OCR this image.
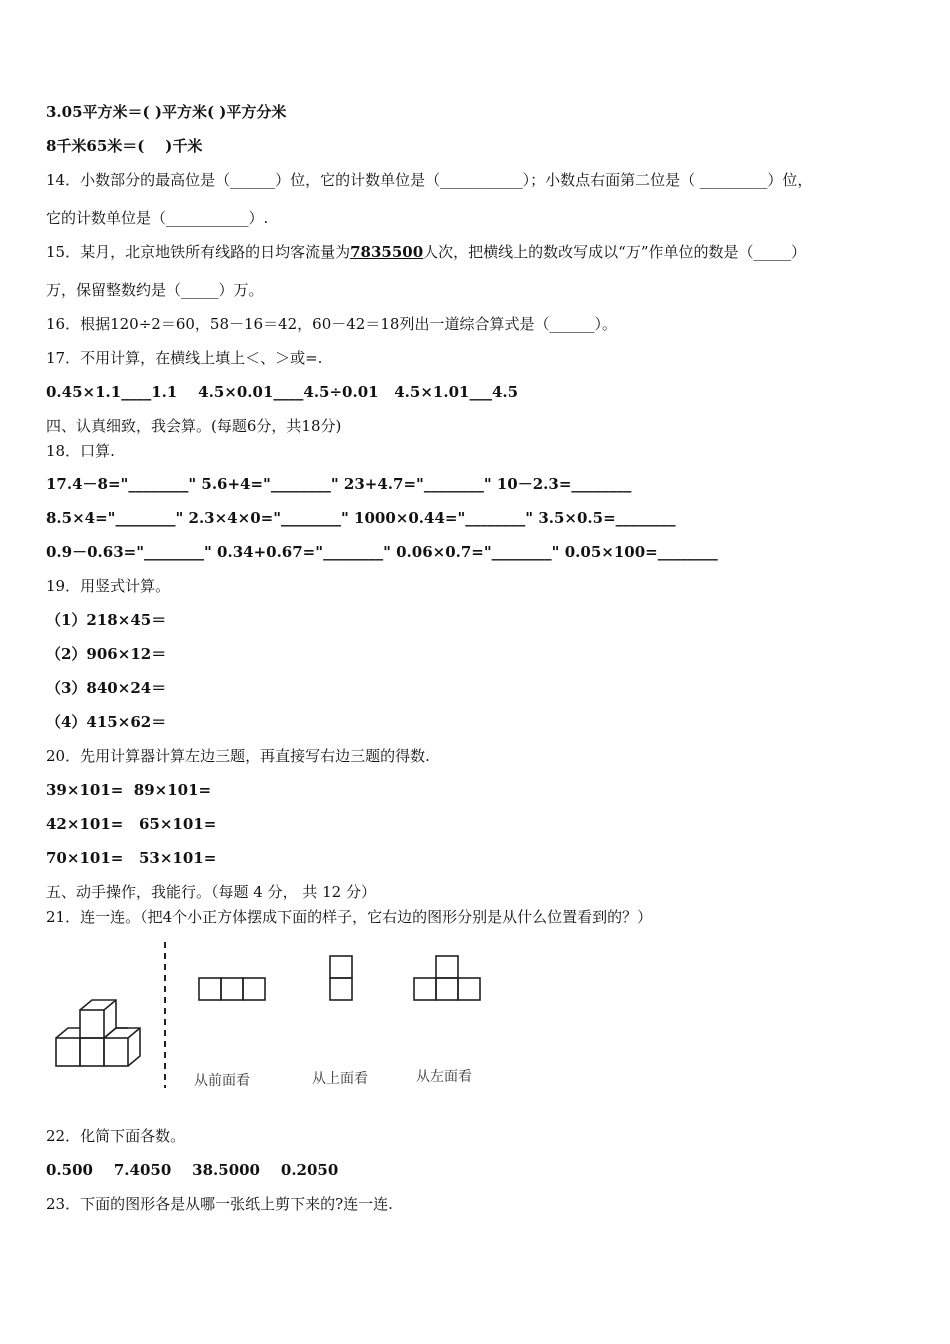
3.05平方米＝( )平方米( )平方分米
8千米65米＝(    )千米
14．小数部分的最高位是（______）位，它的计数单位是（___________）；小数点右面第二位是（ _________）位，
它的计数单位是（___________）.
15．某月，北京地铁所有线路的日均客流量为7835500人次，把横线上的数改写成以“万”作单位的数是（_____）
万，保留整数约是（_____）万。
16．根据120÷2＝60，58－16＝42，60－42＝18列出一道综合算式是（______）。
17．不用计算，在横线上填上＜、＞或=.
0.45×1.1____1.1    4.5×0.01____4.5÷0.01   4.5×1.01___4.5
四、认真细致，我会算。(每题6分，共18分)
18．口算.
17.4－8="________" 5.6+4="________" 23+4.7="________" 10－2.3=________
8.5×4="________" 2.3×4×0="________" 1000×0.44="________" 3.5×0.5=________
0.9－0.63="________" 0.34+0.67="________" 0.06×0.7="________" 0.05×100=________
19．用竖式计算。
（1）218×45＝
（2）906×12＝
（3）840×24＝
（4）415×62＝
20．先用计算器计算左边三题，再直接写右边三题的得数.
39×101=  89×101=
42×101=   65×101=
70×101=   53×101=
五、动手操作，我能行。（每题 4 分， 共 12 分）
21．连一连。（把4个小正方体摆成下面的样子，它右边的图形分别是从什么位置看到的？）
从前面看	从上面看	从左面看
22．化简下面各数。
0.500    7.4050    38.5000    0.2050
23．下面的图形各是从哪一张纸上剪下来的?连一连.
